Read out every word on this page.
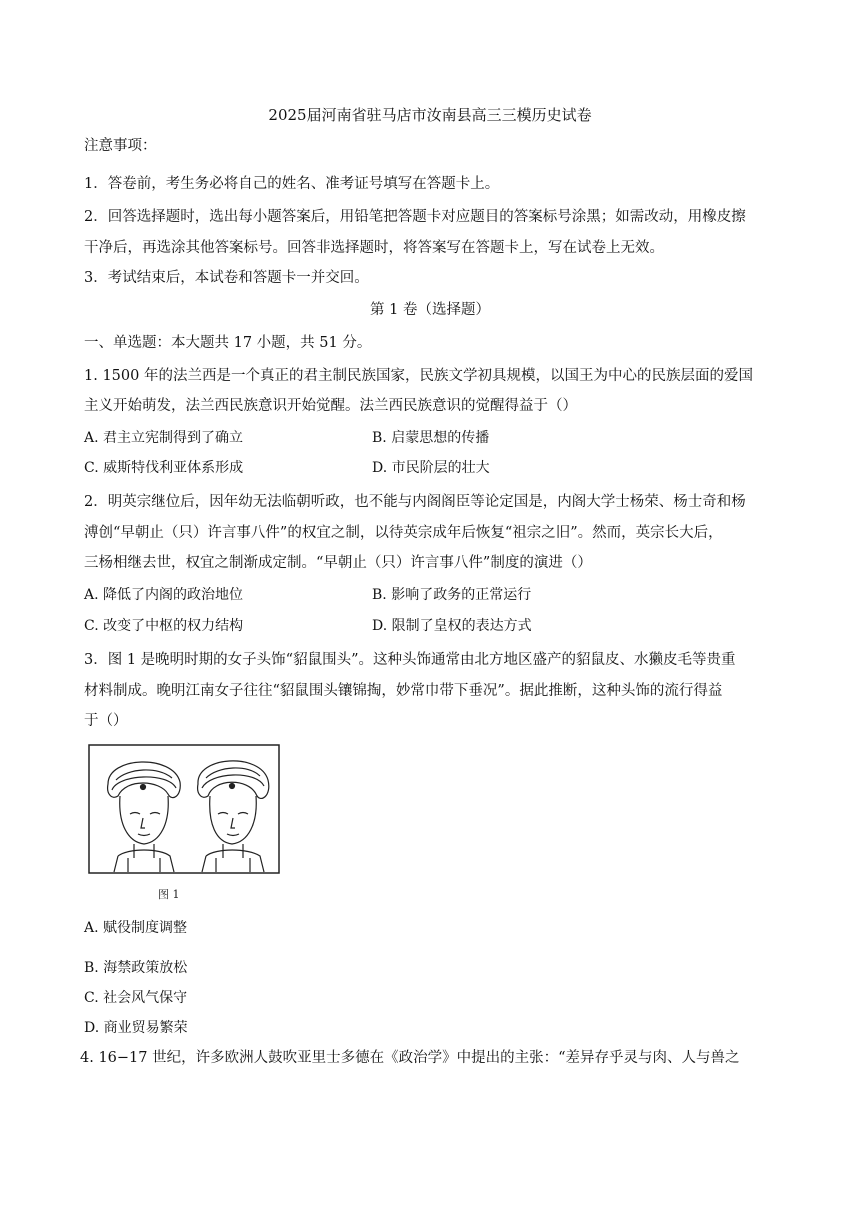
2025届河南省驻马店市汝南县高三三模历史试卷
注意事项：
1．答卷前，考生务必将自己的姓名、准考证号填写在答题卡上。
2．回答选择题时，选出每小题答案后，用铅笔把答题卡对应题目的答案标号涂黑；如需改动，用橡皮擦
干净后，再选涂其他答案标号。回答非选择题时，将答案写在答题卡上，写在试卷上无效。
3．考试结束后，本试卷和答题卡一并交回。
第 1 卷（选择题）
一、单选题：本大题共 17 小题，共 51 分。
1. 1500 年的法兰西是一个真正的君主制民族国家，民族文学初具规模，以国王为中心的民族层面的爱国
主义开始萌发，法兰西民族意识开始觉醒。法兰西民族意识的觉醒得益于（）
A. 君主立宪制得到了确立	B. 启蒙思想的传播
C. 威斯特伐利亚体系形成	D. 市民阶层的壮大
2．明英宗继位后，因年幼无法临朝听政，也不能与内阁阁臣等论定国是，内阁大学士杨荣、杨士奇和杨
溥创“早朝止（只）许言事八件”的权宜之制，以待英宗成年后恢复“祖宗之旧”。然而，英宗长大后，
三杨相继去世，权宜之制渐成定制。“早朝止（只）许言事八件”制度的演进（）
A. 降低了内阁的政治地位	B. 影响了政务的正常运行
C. 改变了中枢的权力结构	D. 限制了皇权的表达方式
3．图 1 是晚明时期的女子头饰“貂鼠围头”。这种头饰通常由北方地区盛产的貂鼠皮、水獭皮毛等贵重
材料制成。晚明江南女子往往“貂鼠围头镶锦掏，妙常巾带下垂况”。据此推断，这种头饰的流行得益
于（）
图 1
A. 赋役制度调整
B. 海禁政策放松
C. 社会风气保守
D. 商业贸易繁荣
4. 16−17 世纪，许多欧洲人鼓吹亚里士多德在《政治学》中提出的主张：“差异存乎灵与肉、人与兽之
